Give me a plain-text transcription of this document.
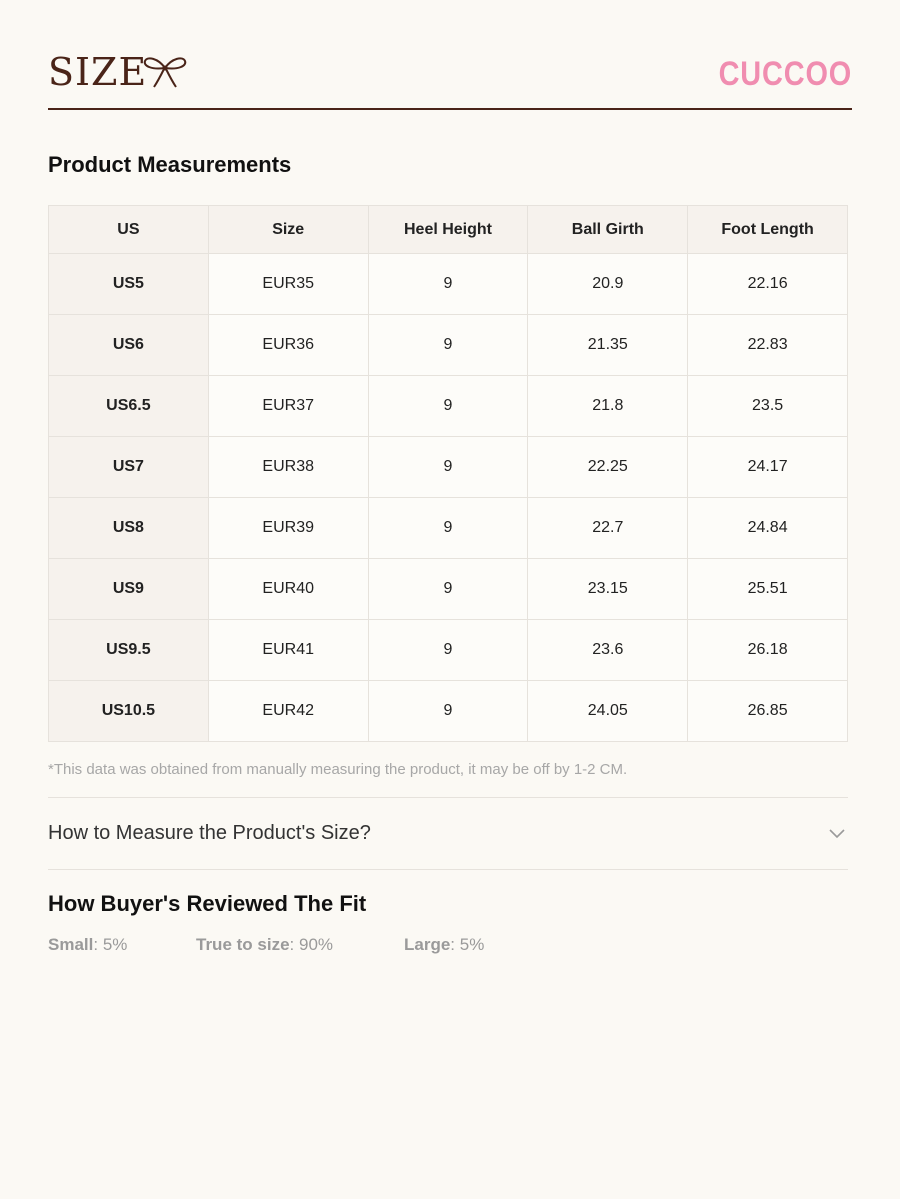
SIZE	CUCCOO
Product Measurements
US	Size	Heel Height	Ball Girth	Foot Length
US5	EUR35	9	20.9	22.16
US6	EUR36	9	21.35	22.83
US6.5	EUR37	9	21.8	23.5
US7	EUR38	9	22.25	24.17
US8	EUR39	9	22.7	24.84
US9	EUR40	9	23.15	25.51
US9.5	EUR41	9	23.6	26.18
US10.5	EUR42	9	24.05	26.85
*This data was obtained from manually measuring the product, it may be off by 1-2 CM.
How to Measure the Product's Size?
How Buyer's Reviewed The Fit
Small: 5%	True to size: 90%	Large: 5%
